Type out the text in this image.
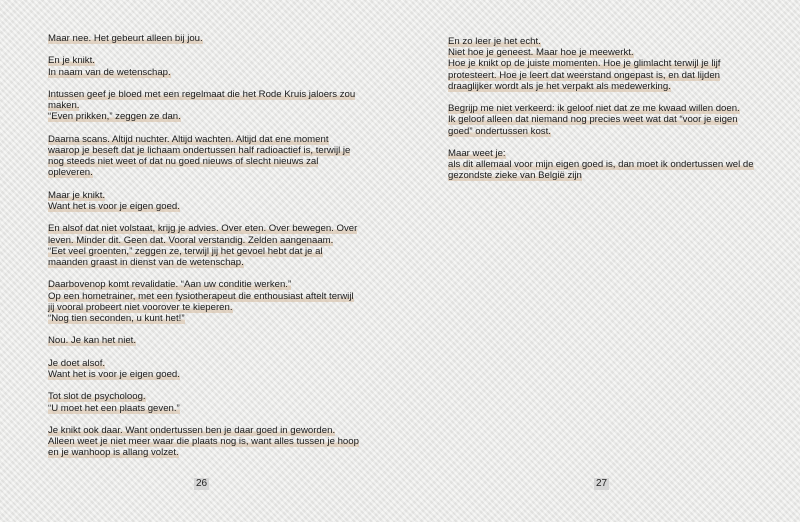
Maar nee. Het gebeurt alleen bij jou.
En je knikt.
In naam van de wetenschap.
Intussen geef je bloed met een regelmaat die het Rode Kruis jaloers zou
maken.
“Even prikken,” zeggen ze dan.
Daarna scans. Altijd nuchter. Altijd wachten. Altijd dat ene moment
waarop je beseft dat je lichaam ondertussen half radioactief is, terwijl je
nog steeds niet weet of dat nu goed nieuws of slecht nieuws zal
opleveren.
Maar je knikt.
Want het is voor je eigen goed.
En alsof dat niet volstaat, krijg je advies. Over eten. Over bewegen. Over
leven. Minder dit. Geen dat. Vooral verstandig. Zelden aangenaam.
“Eet veel groenten,” zeggen ze, terwijl jij het gevoel hebt dat je al
maanden graast in dienst van de wetenschap.
Daarbovenop komt revalidatie. “Aan uw conditie werken.”
Op een hometrainer, met een fysiotherapeut die enthousiast aftelt terwijl
jij vooral probeert niet voorover te kieperen.
“Nog tien seconden, u kunt het!”
Nou. Je kan het niet.
Je doet alsof.
Want het is voor je eigen goed.
Tot slot de psycholoog.
“U moet het een plaats geven.”
Je knikt ook daar. Want ondertussen ben je daar goed in geworden.
Alleen weet je niet meer waar die plaats nog is, want alles tussen je hoop
en je wanhoop is allang volzet.
26
En zo leer je het echt.
Niet hoe je geneest. Maar hoe je meewerkt.
Hoe je knikt op de juiste momenten. Hoe je glimlacht terwijl je lijf
protesteert. Hoe je leert dat weerstand ongepast is, en dat lijden
draaglijker wordt als je het verpakt als medewerking.
Begrijp me niet verkeerd: ik geloof niet dat ze me kwaad willen doen.
Ik geloof alleen dat niemand nog precies weet wat dat “voor je eigen
goed” ondertussen kost.
Maar weet je:
als dit allemaal voor mijn eigen goed is, dan moet ik ondertussen wel de
gezondste zieke van België zijn
27
